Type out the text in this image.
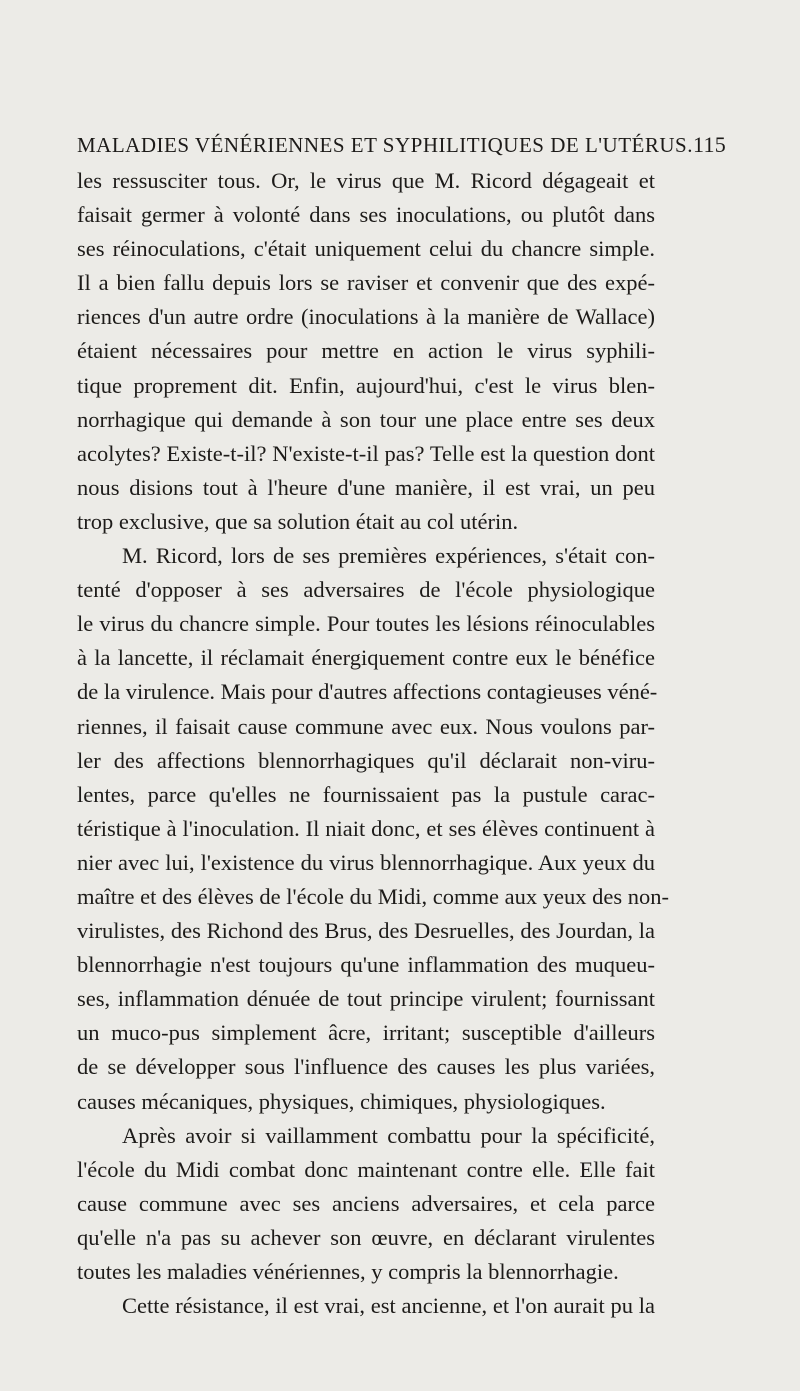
MALADIES VÉNÉRIENNES ET SYPHILITIQUES DE L'UTÉRUS. 115
les ressusciter tous. Or, le virus que M. Ricord dégageait et
faisait germer à volonté dans ses inoculations, ou plutôt dans
ses réinoculations, c'était uniquement celui du chancre simple.
Il a bien fallu depuis lors se raviser et convenir que des expé-
riences d'un autre ordre (inoculations à la manière de Wallace)
étaient nécessaires pour mettre en action le virus syphili-
tique proprement dit. Enfin, aujourd'hui, c'est le virus blen-
norrhagique qui demande à son tour une place entre ses deux
acolytes? Existe-t-il? N'existe-t-il pas? Telle est la question dont
nous disions tout à l'heure d'une manière, il est vrai, un peu
trop exclusive, que sa solution était au col utérin.
M. Ricord, lors de ses premières expériences, s'était con-
tenté d'opposer à ses adversaires de l'école physiologique
le virus du chancre simple. Pour toutes les lésions réinoculables
à la lancette, il réclamait énergiquement contre eux le bénéfice
de la virulence. Mais pour d'autres affections contagieuses véné-
riennes, il faisait cause commune avec eux. Nous voulons par-
ler des affections blennorrhagiques qu'il déclarait non-viru-
lentes, parce qu'elles ne fournissaient pas la pustule carac-
téristique à l'inoculation. Il niait donc, et ses élèves continuent à
nier avec lui, l'existence du virus blennorrhagique. Aux yeux du
maître et des élèves de l'école du Midi, comme aux yeux des non-
virulistes, des Richond des Brus, des Desruelles, des Jourdan, la
blennorrhagie n'est toujours qu'une inflammation des muqueu-
ses, inflammation dénuée de tout principe virulent; fournissant
un muco-pus simplement âcre, irritant; susceptible d'ailleurs
de se développer sous l'influence des causes les plus variées,
causes mécaniques, physiques, chimiques, physiologiques.
Après avoir si vaillamment combattu pour la spécificité,
l'école du Midi combat donc maintenant contre elle. Elle fait
cause commune avec ses anciens adversaires, et cela parce
qu'elle n'a pas su achever son œuvre, en déclarant virulentes
toutes les maladies vénériennes, y compris la blennorrhagie.
Cette résistance, il est vrai, est ancienne, et l'on aurait pu la
